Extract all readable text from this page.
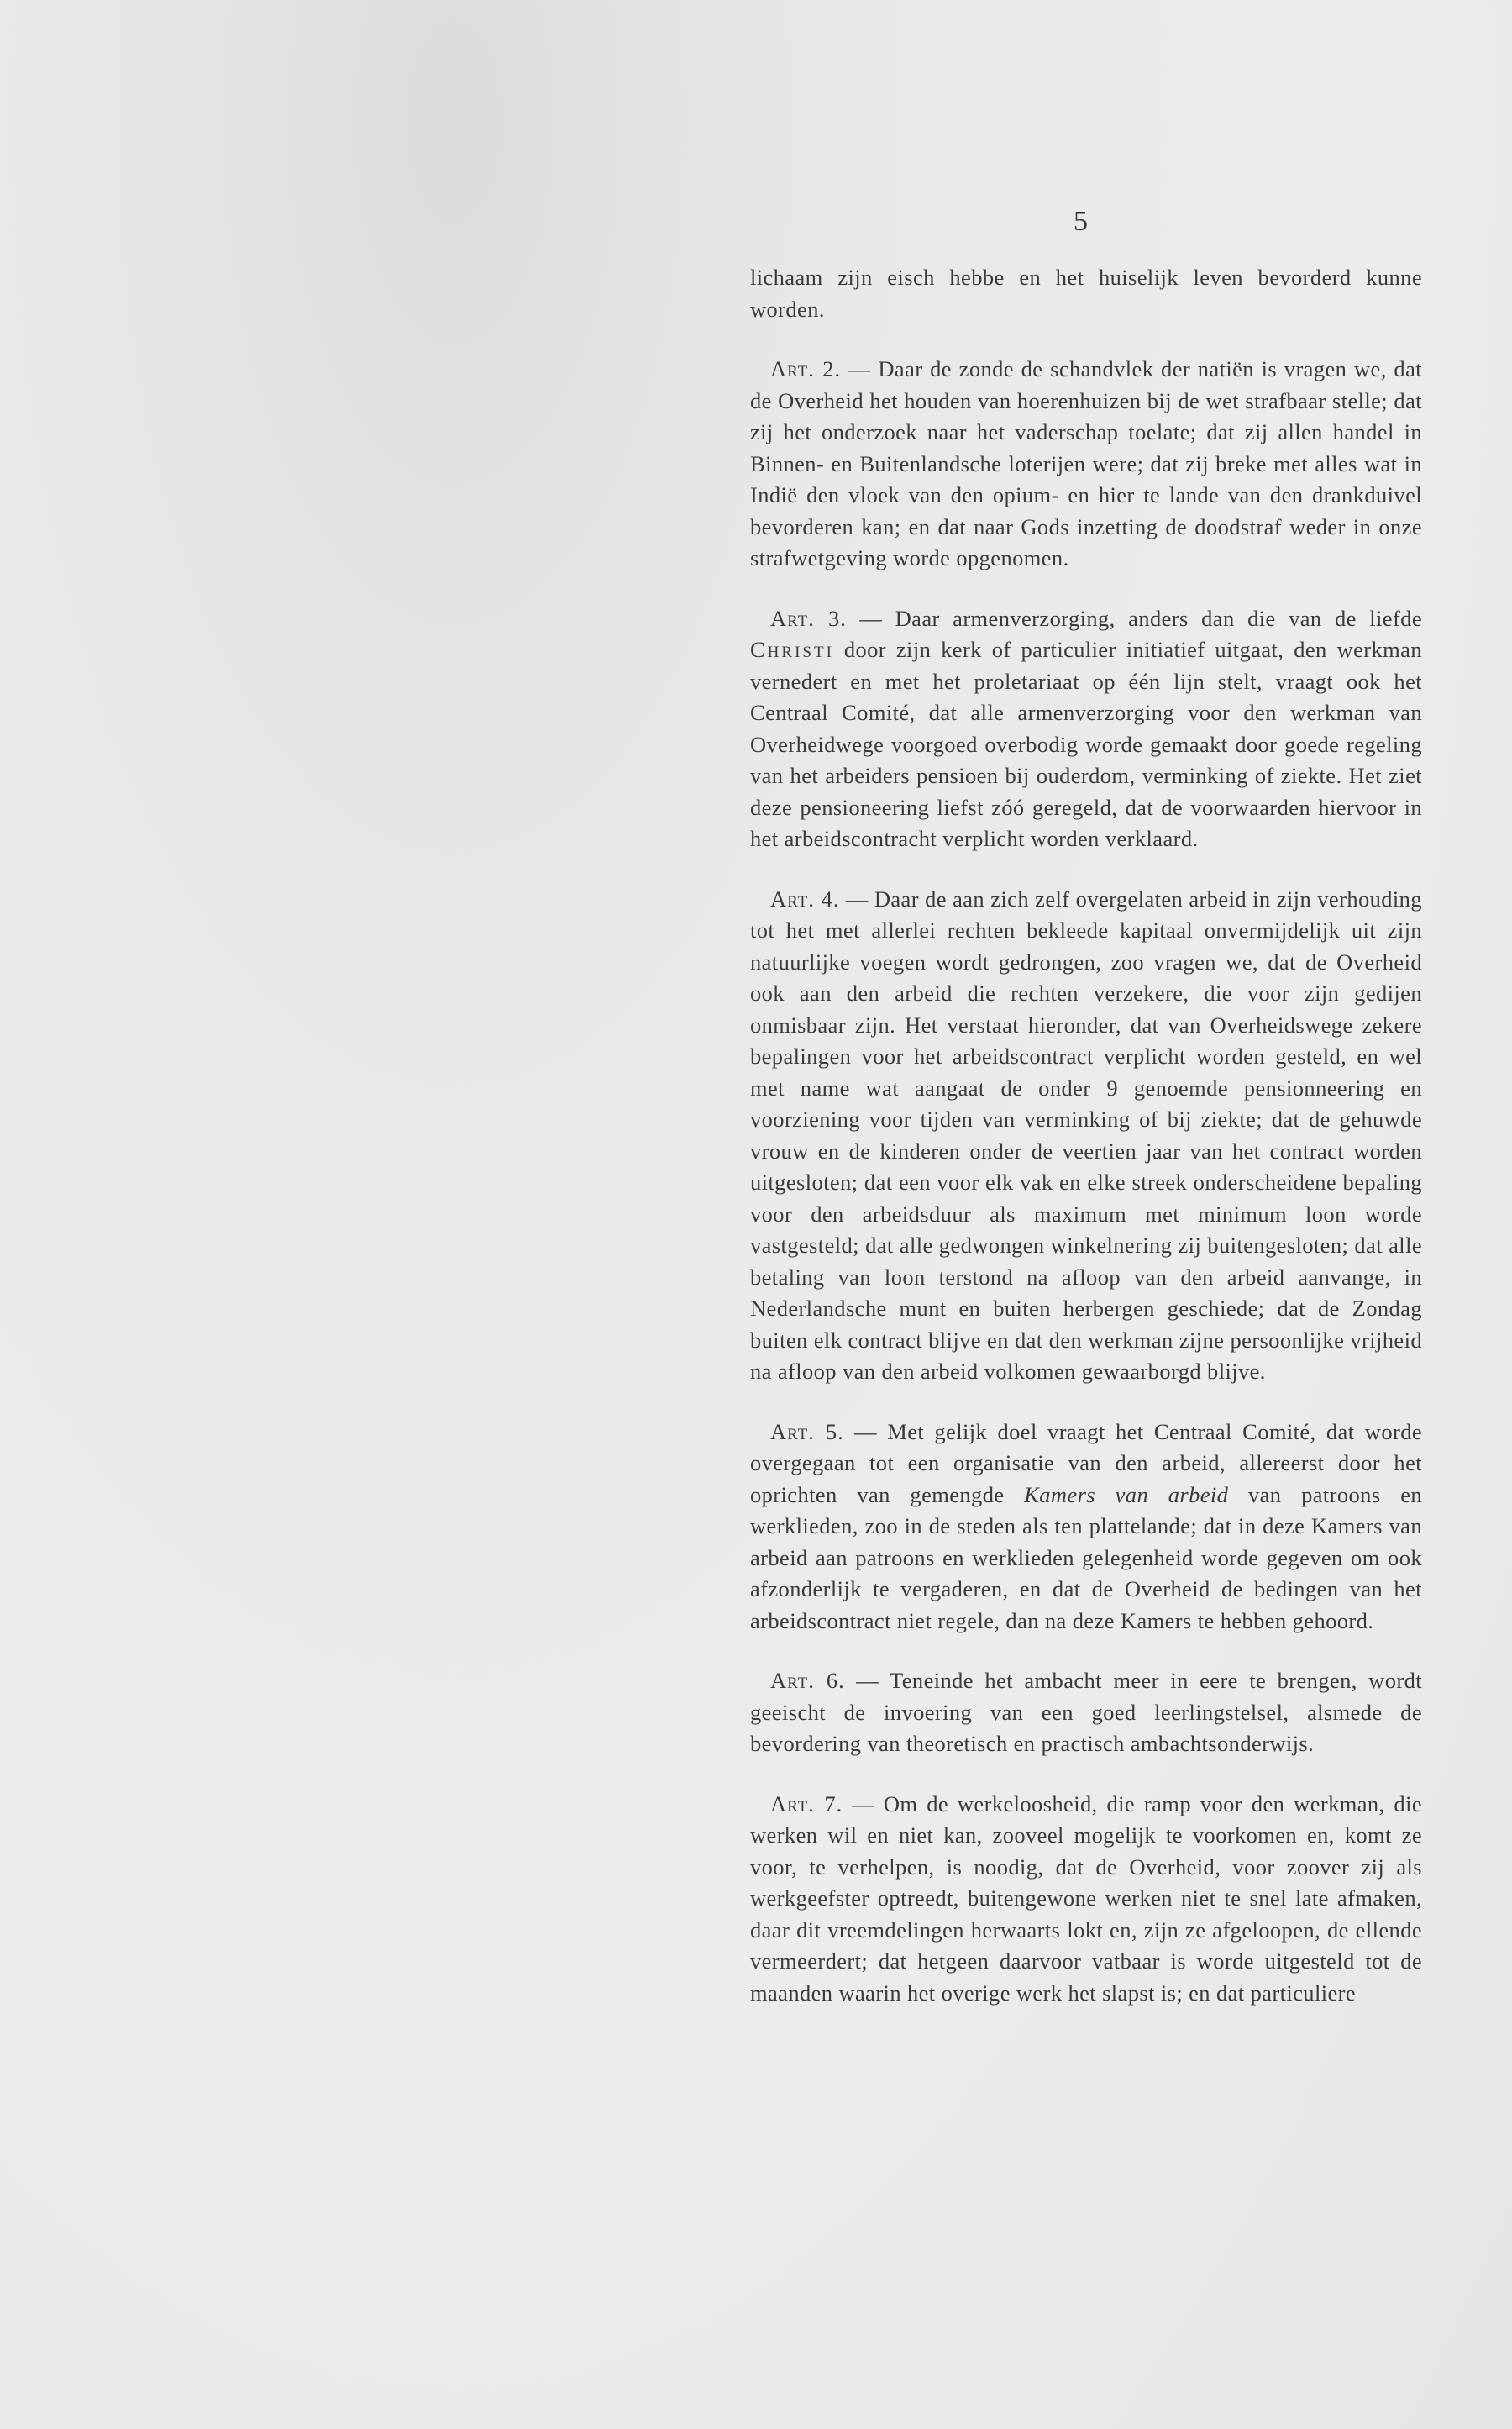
5

lichaam zijn eisch hebbe en het huiselijk leven bevorderd kunne worden.

Art. 2. — Daar de zonde de schandvlek der natiën is vragen we, dat de Overheid het houden van hoerenhuizen bij de wet strafbaar stelle; dat zij het onderzoek naar het vaderschap toelate; dat zij allen handel in Binnen- en Buitenlandsche loterijen were; dat zij breke met alles wat in Indië den vloek van den opium- en hier te lande van den drankduivel bevorderen kan; en dat naar Gods inzetting de doodstraf weder in onze strafwetgeving worde opgenomen.

Art. 3. — Daar armenverzorging, anders dan die van de liefde Christi door zijn kerk of particulier initiatief uitgaat, den werkman vernedert en met het proletariaat op één lijn stelt, vraagt ook het Centraal Comité, dat alle armenverzorging voor den werkman van Overheidwege voorgoed overbodig worde gemaakt door goede regeling van het arbeiders pensioen bij ouderdom, verminking of ziekte. Het ziet deze pensioneering liefst zóó geregeld, dat de voorwaarden hiervoor in het arbeidscontracht verplicht worden verklaard.

Art. 4. — Daar de aan zich zelf overgelaten arbeid in zijn verhouding tot het met allerlei rechten bekleede kapitaal onvermijdelijk uit zijn natuurlijke voegen wordt gedrongen, zoo vragen we, dat de Overheid ook aan den arbeid die rechten verzekere, die voor zijn gedijen onmisbaar zijn. Het verstaat hieronder, dat van Overheidswege zekere bepalingen voor het arbeidscontract verplicht worden gesteld, en wel met name wat aangaat de onder 9 genoemde pensionneering en voorziening voor tijden van verminking of bij ziekte; dat de gehuwde vrouw en de kinderen onder de veertien jaar van het contract worden uitgesloten; dat een voor elk vak en elke streek onderscheidene bepaling voor den arbeidsduur als maximum met minimum loon worde vastgesteld; dat alle gedwongen winkelnering zij buitengesloten; dat alle betaling van loon terstond na afloop van den arbeid aanvange, in Nederlandsche munt en buiten herbergen geschiede; dat de Zondag buiten elk contract blijve en dat den werkman zijne persoonlijke vrijheid na afloop van den arbeid volkomen gewaarborgd blijve.

Art. 5. — Met gelijk doel vraagt het Centraal Comité, dat worde overgegaan tot een organisatie van den arbeid, allereerst door het oprichten van gemengde Kamers van arbeid van patroons en werklieden, zoo in de steden als ten plattelande; dat in deze Kamers van arbeid aan patroons en werklieden gelegenheid worde gegeven om ook afzonderlijk te vergaderen, en dat de Overheid de bedingen van het arbeidscontract niet regele, dan na deze Kamers te hebben gehoord.

Art. 6. — Teneinde het ambacht meer in eere te brengen, wordt geeischt de invoering van een goed leerlingstelsel, alsmede de bevordering van theoretisch en practisch ambachtsonderwijs.

Art. 7. — Om de werkeloosheid, die ramp voor den werkman, die werken wil en niet kan, zooveel mogelijk te voorkomen en, komt ze voor, te verhelpen, is noodig, dat de Overheid, voor zoover zij als werkgeefster optreedt, buitengewone werken niet te snel late afmaken, daar dit vreemdelingen herwaarts lokt en, zijn ze afgeloopen, de ellende vermeerdert; dat hetgeen daarvoor vatbaar is worde uitgesteld tot de maanden waarin het overige werk het slapst is; en dat particuliere
